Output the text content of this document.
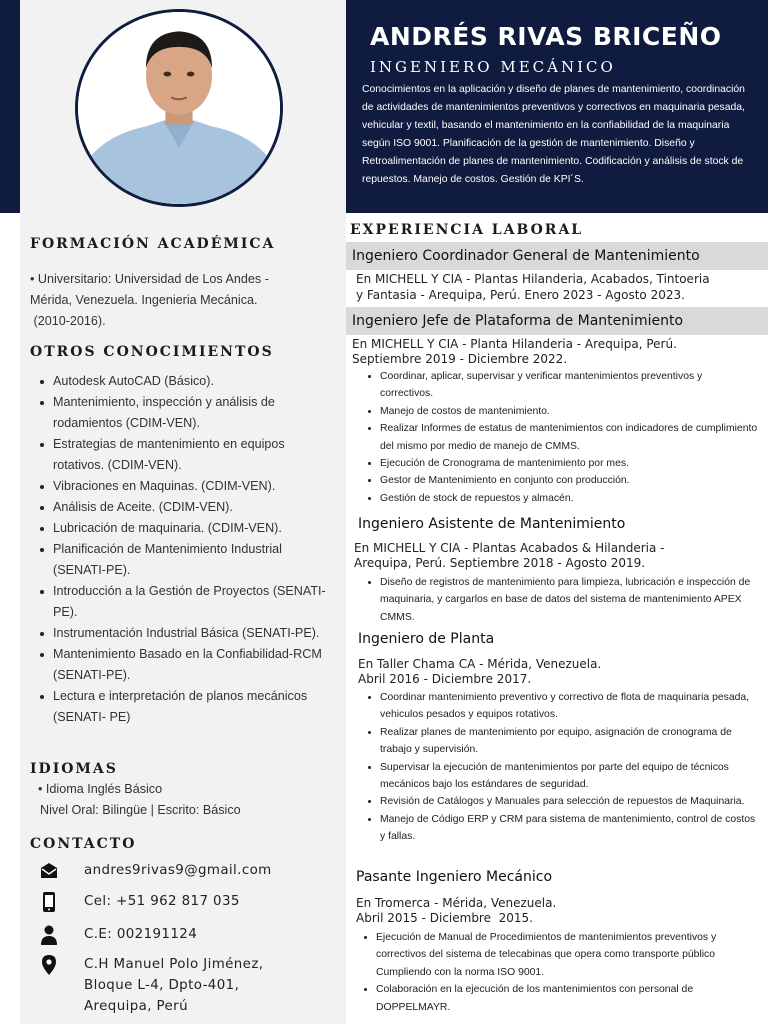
ANDRÉS RIVAS BRICEÑO
INGENIERO MECÁNICO
Conocimientos en la aplicación y diseño de planes de mantenimiento, coordinación de actividades de mantenimientos preventivos y correctivos en maquinaria pesada, vehicular y textil, basando el mantenimiento en la confiabilidad de la maquinaria según ISO 9001. Planificación de la gestión de mantenimiento. Diseño y Retroalimentación de planes de mantenimiento. Codificación y análisis de stock de repuestos. Manejo de costos. Gestión de KPI´S.
FORMACIÓN ACADÉMICA
• Universitario: Universidad de Los Andes -
Mérida, Venezuela. Ingenieria Mecánica.
(2010-2016).
OTROS CONOCIMIENTOS
Autodesk AutoCAD (Básico).
Mantenimiento, inspección y análisis de rodamientos (CDIM-VEN).
Estrategias de mantenimiento en equipos rotativos. (CDIM-VEN).
Vibraciones en Maquinas. (CDIM-VEN).
Análisis de Aceite. (CDIM-VEN).
Lubricación de maquinaria. (CDIM-VEN).
Planificación de Mantenimiento Industrial (SENATI-PE).
Introducción a la Gestión de Proyectos (SENATI-PE).
Instrumentación Industrial Básica (SENATI-PE).
Mantenimiento Basado en la Confiabilidad-RCM (SENATI-PE).
Lectura e interpretación de planos mecánicos (SENATI- PE)
IDIOMAS
• Idioma Inglés Básico
Nivel Oral: Bilingüe | Escrito: Básico
CONTACTO
andres9rivas9@gmail.com
Cel: +51 962 817 035
C.E: 002191124
C.H Manuel Polo Jiménez,
Bloque L-4, Dpto-401,
Arequipa, Perú
EXPERIENCIA LABORAL
Ingeniero Coordinador General de Mantenimiento
En MICHELL Y CIA - Plantas Hilanderia, Acabados, Tintoeria
y Fantasia - Arequipa, Perú. Enero 2023 - Agosto 2023.
Ingeniero Jefe de Plataforma de Mantenimiento
En MICHELL Y CIA - Planta Hilanderia - Arequipa, Perú.
Septiembre 2019 - Diciembre 2022.
Coordinar, aplicar, supervisar y verificar mantenimientos preventivos y correctivos.
Manejo de costos de mantenimiento.
Realizar Informes de estatus de mantenimientos con indicadores de cumplimiento del mismo por medio de manejo de CMMS.
Ejecución de Cronograma de mantenimiento por mes.
Gestor de Mantenimiento en conjunto con producción.
Gestión de stock de repuestos y almacén.
Ingeniero Asistente de Mantenimiento
En MICHELL Y CIA - Plantas Acabados & Hilanderia -
Arequipa, Perú. Septiembre 2018 - Agosto 2019.
Diseño de registros de mantenimiento para limpieza, lubricación e inspección de maquinaria, y cargarlos en base de datos del sistema de mantenimiento APEX CMMS.
Ingeniero de Planta
En Taller Chama CA - Mérida, Venezuela.
Abril 2016 - Diciembre 2017.
Coordinar mantenimiento preventivo y correctivo de flota de maquinaria pesada, vehiculos pesados y equipos rotativos.
Realizar planes de mantenimiento por equipo, asignación de cronograma de trabajo y supervisión.
Supervisar la ejecución de mantenimientos por parte del equipo de técnicos mecánicos bajo los estándares de seguridad.
Revisión de Catálogos y Manuales para selección de repuestos de Maquinaria.
Manejo de Código ERP y CRM para sistema de mantenimiento, control de costos y fallas.
Pasante Ingeniero Mecánico
En Tromerca - Mérida, Venezuela.
Abril 2015 - Diciembre  2015.
Ejecución de Manual de Procedimientos de mantenimientos preventivos y correctivos del sistema de telecabinas que opera como transporte público Cumpliendo con la norma ISO 9001.
Colaboración en la ejecución de los mantenimientos con personal de DOPPELMAYR.
